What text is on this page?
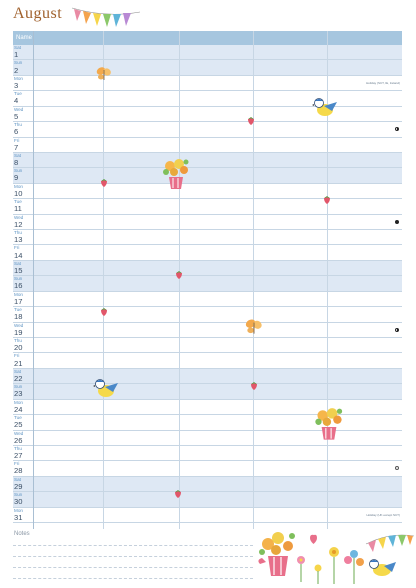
August
Name
Sat
1
Sun
2
Mon
3	Holiday (SCT, IE, Ireland)
Tue
4
Wed
5
Thu
6
Fri
7
Sat
8
Sun
9
Mon
10
Tue
11
Wed
12
Thu
13
Fri
14
Sat
15
Sun
16
Mon
17
Tue
18
Wed
19
Thu
20
Fri
21
Sat
22
Sun
23
Mon
24
Tue
25
Wed
26
Thu
27
Fri
28
Sat
29
Sun
30
Mon
31	Holiday (UK except SCT)
Notes
